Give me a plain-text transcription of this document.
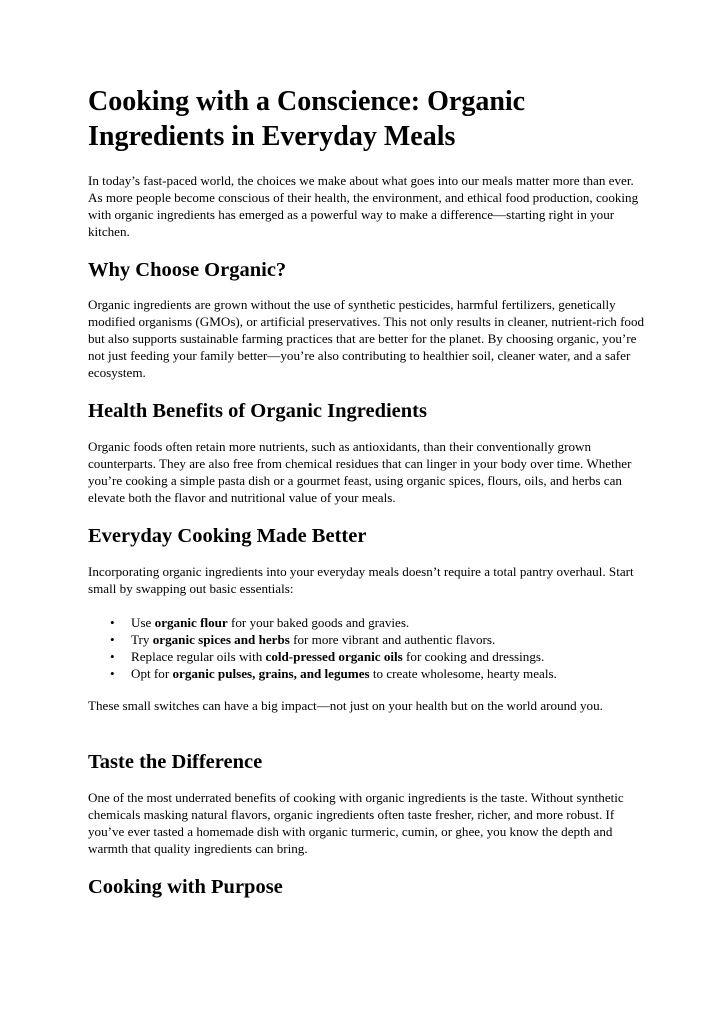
Cooking with a Conscience: Organic Ingredients in Everyday Meals

In today’s fast-paced world, the choices we make about what goes into our meals matter more than ever. As more people become conscious of their health, the environment, and ethical food production, cooking with organic ingredients has emerged as a powerful way to make a difference—starting right in your kitchen.

Why Choose Organic?

Organic ingredients are grown without the use of synthetic pesticides, harmful fertilizers, genetically modified organisms (GMOs), or artificial preservatives. This not only results in cleaner, nutrient-rich food but also supports sustainable farming practices that are better for the planet. By choosing organic, you’re not just feeding your family better—you’re also contributing to healthier soil, cleaner water, and a safer ecosystem.

Health Benefits of Organic Ingredients

Organic foods often retain more nutrients, such as antioxidants, than their conventionally grown counterparts. They are also free from chemical residues that can linger in your body over time. Whether you’re cooking a simple pasta dish or a gourmet feast, using organic spices, flours, oils, and herbs can elevate both the flavor and nutritional value of your meals.

Everyday Cooking Made Better

Incorporating organic ingredients into your everyday meals doesn’t require a total pantry overhaul. Start small by swapping out basic essentials:

• Use organic flour for your baked goods and gravies.
• Try organic spices and herbs for more vibrant and authentic flavors.
• Replace regular oils with cold-pressed organic oils for cooking and dressings.
• Opt for organic pulses, grains, and legumes to create wholesome, hearty meals.

These small switches can have a big impact—not just on your health but on the world around you.

Taste the Difference

One of the most underrated benefits of cooking with organic ingredients is the taste. Without synthetic chemicals masking natural flavors, organic ingredients often taste fresher, richer, and more robust. If you’ve ever tasted a homemade dish with organic turmeric, cumin, or ghee, you know the depth and warmth that quality ingredients can bring.

Cooking with Purpose
